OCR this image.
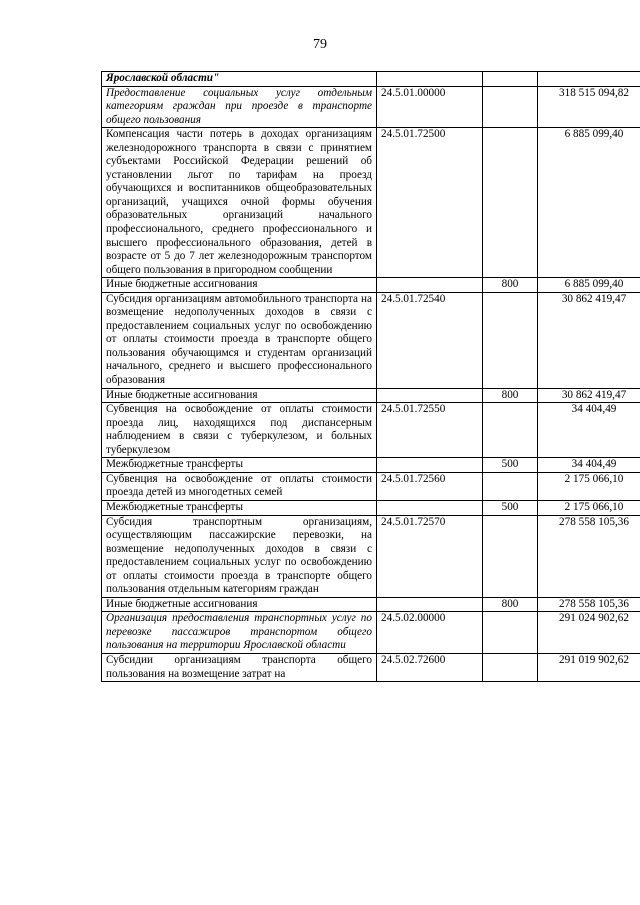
79
Ярославской области"			
Предоставление социальных услуг отдельным категориям граждан при проезде в транспорте общего пользования	24.5.01.00000		318 515 094,82
Компенсация части потерь в доходах организациям железнодорожного транспорта в связи с принятием субъектами Российской Федерации решений об установлении льгот по тарифам на проезд обучающихся и воспитанников общеобразовательных организаций, учащихся очной формы обучения образовательных организаций начального профессионального, среднего профессионального и высшего профессионального образования, детей в возрасте от 5 до 7 лет железнодорожным транспортом общего пользования в пригородном сообщении	24.5.01.72500		6 885 099,40
Иные бюджетные ассигнования		800	6 885 099,40
Субсидия организациям автомобильного транспорта на возмещение недополученных доходов в связи с предоставлением социальных услуг по освобождению от оплаты стоимости проезда в транспорте общего пользования обучающимся и студентам организаций начального, среднего и высшего профессионального образования	24.5.01.72540		30 862 419,47
Иные бюджетные ассигнования		800	30 862 419,47
Субвенция на освобождение от оплаты стоимости проезда лиц, находящихся под диспансерным наблюдением в связи с туберкулезом, и больных туберкулезом	24.5.01.72550		34 404,49
Межбюджетные трансферты		500	34 404,49
Субвенция на освобождение от оплаты стоимости проезда детей из многодетных семей	24.5.01.72560		2 175 066,10
Межбюджетные трансферты		500	2 175 066,10
Субсидия транспортным организациям, осуществляющим пассажирские перевозки, на возмещение недополученных доходов в связи с предоставлением социальных услуг по освобождению от оплаты стоимости проезда в транспорте общего пользования отдельным категориям граждан	24.5.01.72570		278 558 105,36
Иные бюджетные ассигнования		800	278 558 105,36
Организация предоставления транспортных услуг по перевозке пассажиров транспортом общего пользования на территории Ярославской области	24.5.02.00000		291 024 902,62
Субсидии организациям транспорта общего пользования на возмещение затрат на	24.5.02.72600		291 019 902,62
